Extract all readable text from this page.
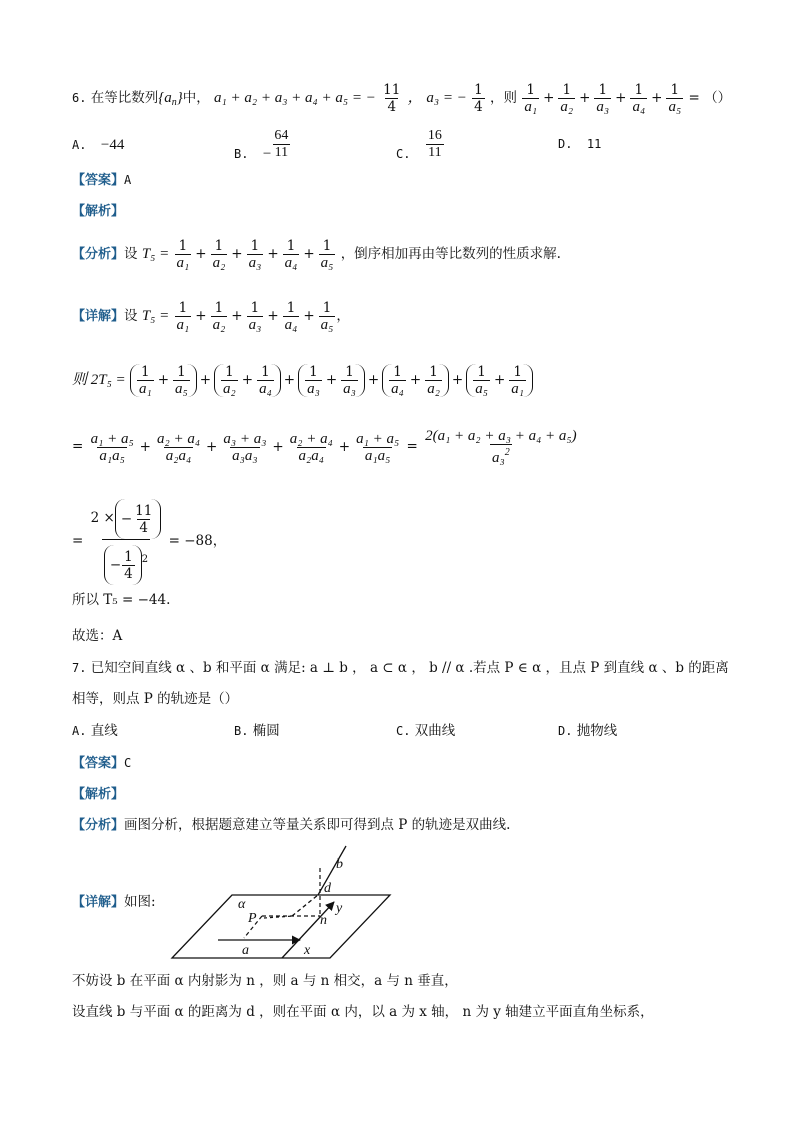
6. 在等比数列$\{a_n\}$中， a₁ + a₂ + a₃ + a₄ + a₅ = − $\frac{11}{4}$ ， a₃ = − $\frac{1}{4}$ ，则 $\frac{1}{\text{a₁}} + \frac{1}{\text{a₂}} + \frac{1}{\text{a₃}} + \frac{1}{\text{a₄}} + \frac{1}{\text{a₅}}$ = （）
A. −44
B. − $\frac{64}{11}$	C. $\frac{16}{11}$	D. 11
【答案】A
【解析】
【分析】设 $T_5 = \frac{1}{\text{a₁}} + \frac{1}{\text{a₂}} + \frac{1}{\text{a₃}} + \frac{1}{\text{a₄}} + \frac{1}{\text{a₅}}$ ，倒序相加再由等比数列的性质求解.
【详解】设 $T_5 = \frac{1}{\text{a₁}} + \frac{1}{\text{a₂}} + \frac{1}{\text{a₃}} + \frac{1}{\text{a₄}} + \frac{1}{\text{a₅}}$ ，
则 $2T_5 = \frac{1}{\text{a₁}} + \frac{1}{\text{a₅}} + \frac{1}{\text{a₂}} + \frac{1}{\text{a₄}} + \frac{1}{\text{a₃}} + \frac{1}{\text{a₃}} + \frac{1}{\text{a₄}} + \frac{1}{\text{a₂}} + \frac{1}{\text{a₅}} + \frac{1}{\text{a₁}}$
= $\frac{\text{a₁ + a₅}}{\text{a₁a₅}} + \frac{\text{a₂ + a₄}}{\text{a₂a₄}} + \frac{\text{a₃ + a₃}}{\text{a₃a₃}} + \frac{\text{a₂ + a₄}}{\text{a₂a₄}} + \frac{\text{a₁ + a₅}}{\text{a₁a₅}} = \frac{\text{2(a₁ + a₂ + a₃ + a₄ + a₅)}}{a_3^2}$
= $\frac{2 \times - \frac{11}{4}}{- \frac{1}{4} ^2} = -88$，
所以 T₅ = −44.
故选：A
7. 已知空间直线 α 、b 和平面 α 满足: a ⊥ b ， a ⊂ α ， b // α .若点 P ∈ α ，且点 P 到直线 α 、b 的距离
相等，则点 P 的轨迹是（）
A. 直线	B. 椭圆	C. 双曲线	D. 抛物线
【答案】C
【解析】
【分析】画图分析，根据题意建立等量关系即可得到点 P 的轨迹是双曲线.
【详解】如图:
b
d
α
P
y
n
a	x
不妨设 b 在平面 α 内射影为 n ，则 a 与 n 相交，a 与 n 垂直，
设直线 b 与平面 α 的距离为 d ，则在平面 α 内，以 a 为 x 轴， n 为 y 轴建立平面直角坐标系，
